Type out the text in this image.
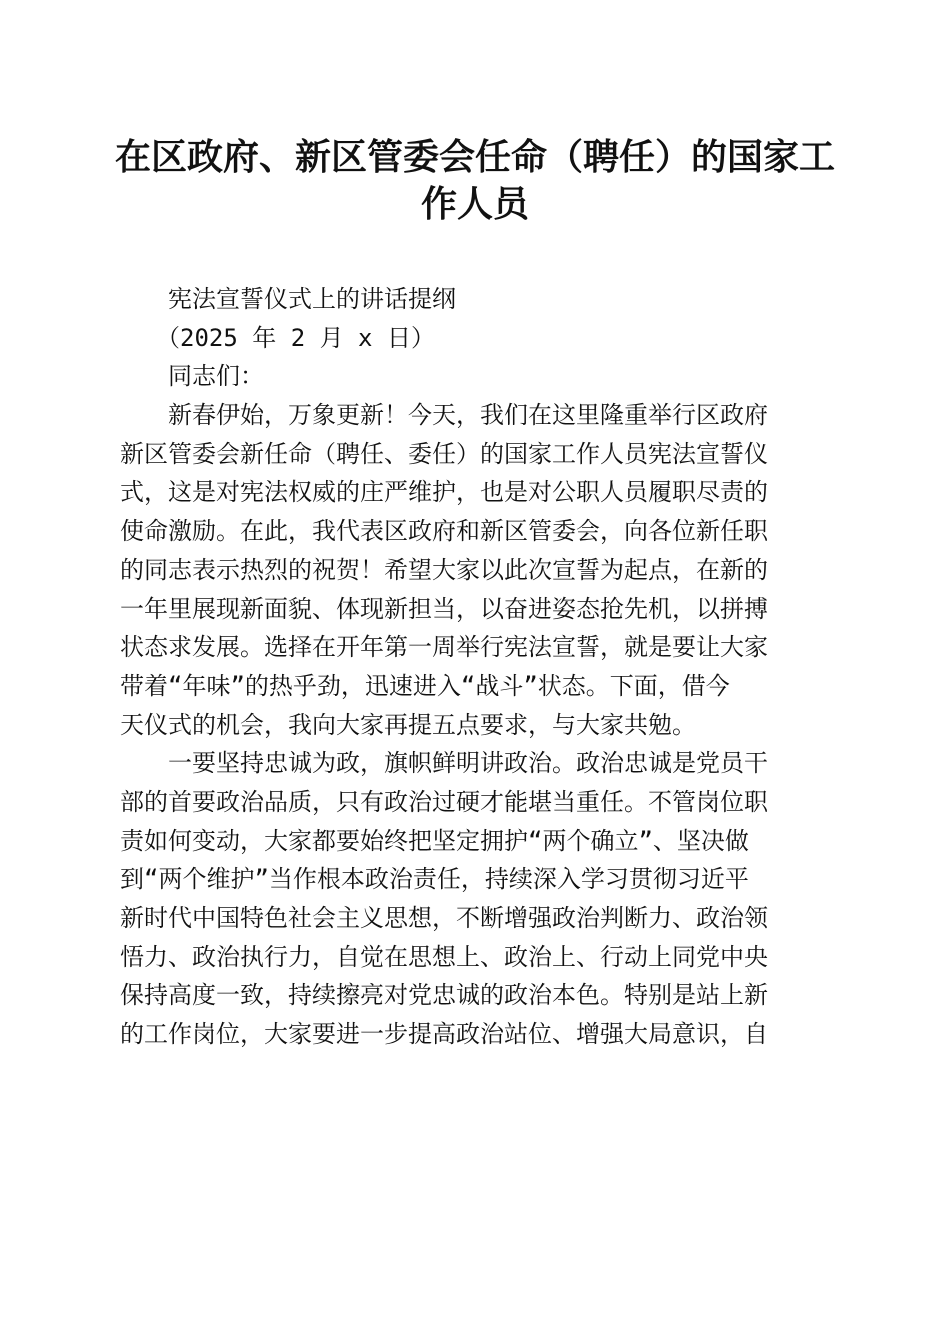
在区政府、新区管委会任命（聘任）的国家工
作人员
　　宪法宣誓仪式上的讲话提纲
　　（2025 年 2 月 x 日）
　　同志们：
　　新春伊始，万象更新！今天，我们在这里隆重举行区政府
新区管委会新任命（聘任、委任）的国家工作人员宪法宣誓仪
式，这是对宪法权威的庄严维护，也是对公职人员履职尽责的
使命激励。在此，我代表区政府和新区管委会，向各位新任职
的同志表示热烈的祝贺！希望大家以此次宣誓为起点，在新的
一年里展现新面貌、体现新担当，以奋进姿态抢先机，以拼搏
状态求发展。选择在开年第一周举行宪法宣誓，就是要让大家
带着“年味”的热乎劲，迅速进入“战斗”状态。下面，借今
天仪式的机会，我向大家再提五点要求，与大家共勉。
　　一要坚持忠诚为政，旗帜鲜明讲政治。政治忠诚是党员干
部的首要政治品质，只有政治过硬才能堪当重任。不管岗位职
责如何变动，大家都要始终把坚定拥护“两个确立”、坚决做
到“两个维护”当作根本政治责任，持续深入学习贯彻习近平
新时代中国特色社会主义思想，不断增强政治判断力、政治领
悟力、政治执行力，自觉在思想上、政治上、行动上同党中央
保持高度一致，持续擦亮对党忠诚的政治本色。特别是站上新
的工作岗位，大家要进一步提高政治站位、增强大局意识，自
